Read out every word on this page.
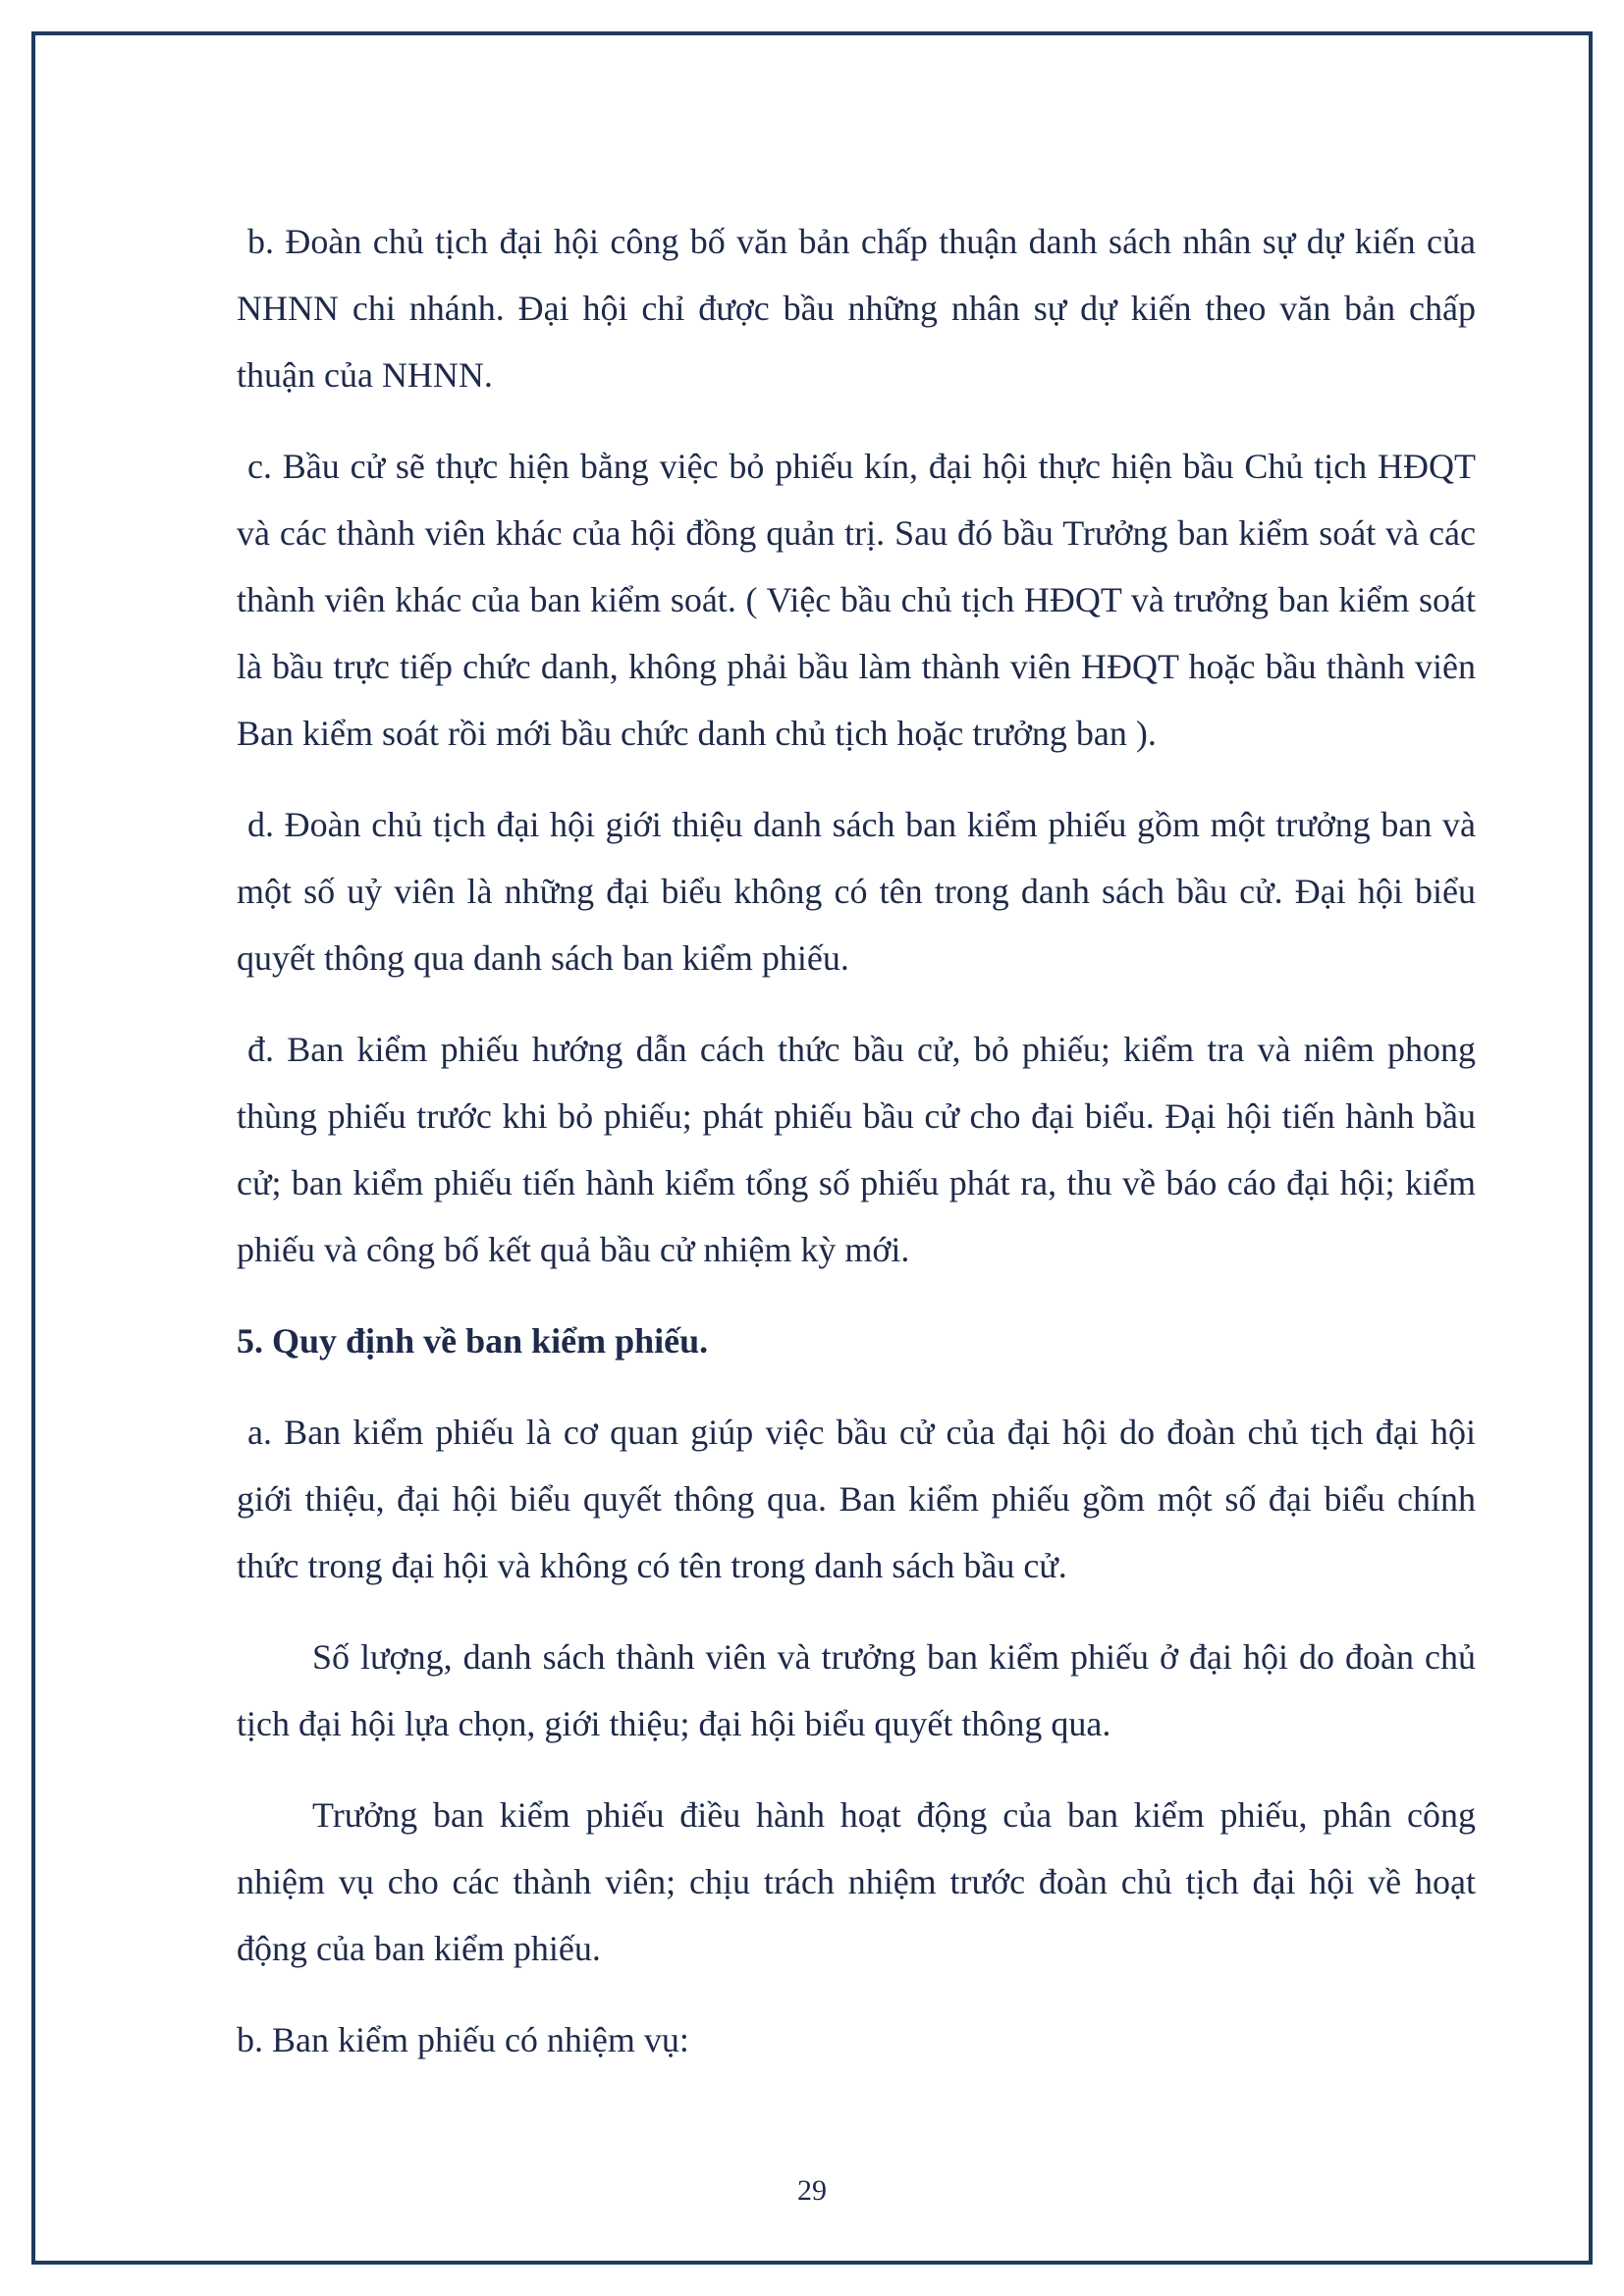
b. Đoàn chủ tịch đại hội công bố văn bản chấp thuận danh sách nhân sự dự kiến của NHNN chi nhánh. Đại hội chỉ được bầu những nhân sự dự kiến theo văn bản chấp thuận của NHNN.

c. Bầu cử sẽ thực hiện bằng việc bỏ phiếu kín, đại hội thực hiện bầu Chủ tịch HĐQT và các thành viên khác của hội đồng quản trị. Sau đó bầu Trưởng ban kiểm soát và các thành viên khác của ban kiểm soát. ( Việc bầu chủ tịch HĐQT và trưởng ban kiểm soát là bầu trực tiếp chức danh, không phải bầu làm thành viên HĐQT hoặc bầu thành viên Ban kiểm soát rồi mới bầu chức danh chủ tịch hoặc trưởng ban ).

d. Đoàn chủ tịch đại hội giới thiệu danh sách ban kiểm phiếu gồm một trưởng ban và một số uỷ viên là những đại biểu không có tên trong danh sách bầu cử. Đại hội biểu quyết thông qua danh sách ban kiểm phiếu.

đ. Ban kiểm phiếu hướng dẫn cách thức bầu cử, bỏ phiếu; kiểm tra và niêm phong thùng phiếu trước khi bỏ phiếu; phát phiếu bầu cử cho đại biểu. Đại hội tiến hành bầu cử; ban kiểm phiếu tiến hành kiểm tổng số phiếu phát ra, thu về báo cáo đại hội; kiểm phiếu và công bố kết quả bầu cử nhiệm kỳ mới.

5. Quy định về ban kiểm phiếu.

a. Ban kiểm phiếu là cơ quan giúp việc bầu cử của đại hội do đoàn chủ tịch đại hội giới thiệu, đại hội biểu quyết thông qua. Ban kiểm phiếu gồm một số đại biểu chính thức trong đại hội và không có tên trong danh sách bầu cử.

Số lượng, danh sách thành viên và trưởng ban kiểm phiếu ở đại hội do đoàn chủ tịch đại hội lựa chọn, giới thiệu; đại hội biểu quyết thông qua.

Trưởng ban kiểm phiếu điều hành hoạt động của ban kiểm phiếu, phân công nhiệm vụ cho các thành viên; chịu trách nhiệm trước đoàn chủ tịch đại hội về hoạt động của ban kiểm phiếu.

b. Ban kiểm phiếu có nhiệm vụ:

29
